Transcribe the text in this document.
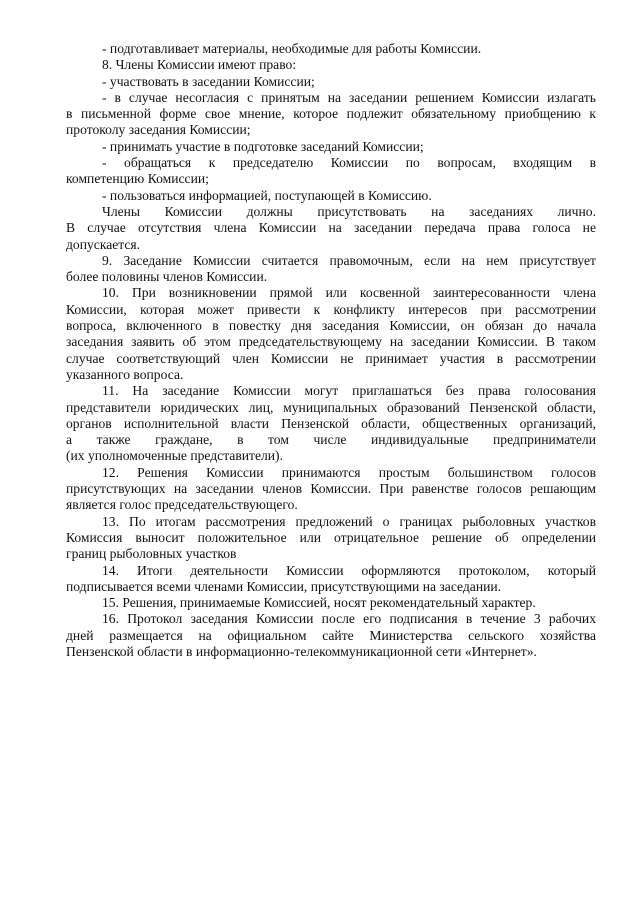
- подготавливает материалы, необходимые для работы Комиссии.
8. Члены Комиссии имеют право:
- участвовать в заседании Комиссии;
- в случае несогласия с принятым на заседании решением Комиссии излагать
в письменной форме свое мнение, которое подлежит обязательному приобщению к
протоколу заседания Комиссии;
- принимать участие в подготовке заседаний Комиссии;
- обращаться к председателю Комиссии по вопросам, входящим в
компетенцию Комиссии;
- пользоваться информацией, поступающей в Комиссию.
Члены Комиссии должны присутствовать на заседаниях лично.
В случае отсутствия члена Комиссии на заседании передача права голоса не
допускается.
9. Заседание Комиссии считается правомочным, если на нем присутствует
более половины членов Комиссии.
10. При возникновении прямой или косвенной заинтересованности члена
Комиссии, которая может привести к конфликту интересов при рассмотрении
вопроса, включенного в повестку дня заседания Комиссии, он обязан до начала
заседания заявить об этом председательствующему на заседании Комиссии. В таком
случае соответствующий член Комиссии не принимает участия в рассмотрении
указанного вопроса.
11. На заседание Комиссии могут приглашаться без права голосования
представители юридических лиц, муниципальных образований Пензенской области,
органов исполнительной власти Пензенской области, общественных организаций,
а также граждане, в том числе индивидуальные предприниматели
(их уполномоченные представители).
12. Решения Комиссии принимаются простым большинством голосов
присутствующих на заседании членов Комиссии. При равенстве голосов решающим
является голос председательствующего.
13. По итогам рассмотрения предложений о границах рыболовных участков
Комиссия выносит положительное или отрицательное решение об определении
границ рыболовных участков
14. Итоги деятельности Комиссии оформляются протоколом, который
подписывается всеми членами Комиссии, присутствующими на заседании.
15. Решения, принимаемые Комиссией, носят рекомендательный характер.
16. Протокол заседания Комиссии после его подписания в течение 3 рабочих
дней размещается на официальном сайте Министерства сельского хозяйства
Пензенской области в информационно-телекоммуникационной сети «Интернет».
